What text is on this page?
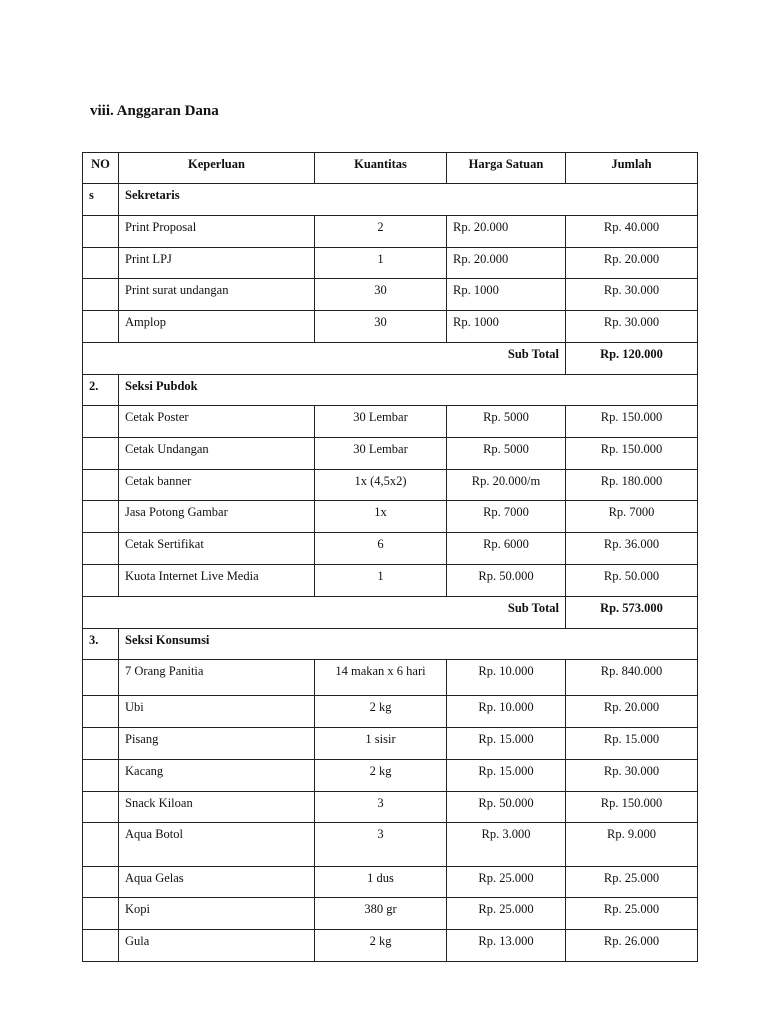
viii. Anggaran Dana
NO	Keperluan	Kuantitas	Harga Satuan	Jumlah
s	Sekretaris			
	Print Proposal	2	Rp. 20.000	Rp. 40.000
	Print LPJ	1	Rp. 20.000	Rp. 20.000
	Print surat undangan	30	Rp. 1000	Rp. 30.000
	Amplop	30	Rp. 1000	Rp. 30.000
Sub Total				Rp. 120.000
2.	Seksi Pubdok			
	Cetak Poster	30 Lembar	Rp. 5000	Rp. 150.000
	Cetak Undangan	30 Lembar	Rp. 5000	Rp. 150.000
	Cetak banner	1x (4,5x2)	Rp. 20.000/m	Rp. 180.000
	Jasa Potong Gambar	1x	Rp. 7000	Rp. 7000
	Cetak Sertifikat	6	Rp. 6000	Rp. 36.000
	Kuota Internet Live Media	1	Rp. 50.000	Rp. 50.000
Sub Total				Rp. 573.000
3.	Seksi Konsumsi			
	7 Orang Panitia	14 makan x 6 hari	Rp. 10.000	Rp. 840.000
	Ubi	2 kg	Rp. 10.000	Rp. 20.000
	Pisang	1 sisir	Rp. 15.000	Rp. 15.000
	Kacang	2 kg	Rp. 15.000	Rp. 30.000
	Snack Kiloan	3	Rp. 50.000	Rp. 150.000
	Aqua Botol	3	Rp. 3.000	Rp. 9.000
	Aqua Gelas	1 dus	Rp. 25.000	Rp. 25.000
	Kopi	380 gr	Rp. 25.000	Rp. 25.000
	Gula	2 kg	Rp. 13.000	Rp. 26.000
